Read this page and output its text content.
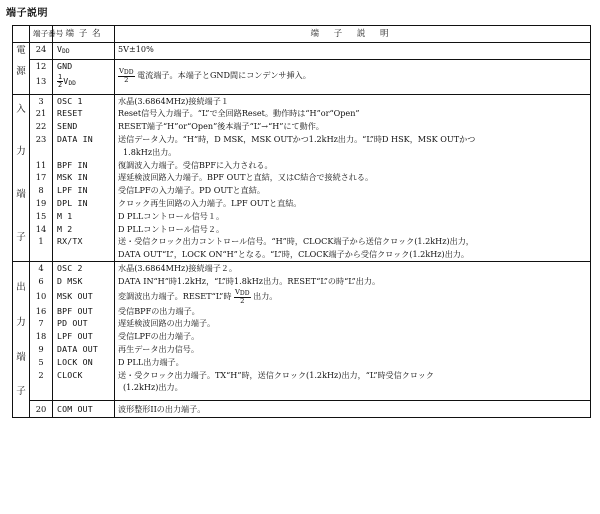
端子説明
	端子番号	端 子 名	端 子 説 明

電
源	24	VDD	5V±10%
	12	GND	$\frac{\text{VDD}}{2}$ 電流端子。本端子とGND間にコンデンサ挿入。
	13	$\frac{1}{2}$ VDD	

入
力
端
子	3	OSC 1	水晶(3.6864MHz)接続端子１
	21	RESET	Reset信号入力端子。“L”で全回路Reset。動作時は“H”or“Open”
	22	SEND	RESET端子“H”or“Open”後本端子“L”→“H”にて動作。
	23	DATA IN	送信データ入力。“H”時，D MSK，MSK OUTかつ1.2kHz出力。“L”時D HSK，MSK OUTかつ
			1.8kHz出力。
	11	BPF IN	復調波入力端子。受信BPFに入力される。
	17	MSK IN	遅延検波回路入力端子。BPF OUTと直結，又はC結合で接続される。
	8	LPF IN	受信LPFの入力端子。PD OUTと直結。
	19	DPL IN	クロック再生回路の入力端子。LPF OUTと直結。
	15	M 1	D PLLコントロール信号１。
	14	M 2	D PLLコントロール信号２。
	1	RX/TX	送・受信クロック出力コントロール信号。“H”時，CLOCK端子から送信クロック(1.2kHz)出力，
			DATA OUT“L”，LOCK ON“H”となる。“L”時，CLOCK端子から受信クロック(1.2kHz)出力。

出
力
端
子	4	OSC 2	水晶(3.6864MHz)接続端子２。
	6	D MSK	DATA IN“H”時1.2kHz，“L”時1.8kHz出力。RESET“L”の時“L”出力。
	10	MSK OUT	変調波出力端子。RESET“L”時 $\frac{\text{VDD}}{2}$ 出力。
	16	BPF OUT	受信BPFの出力端子。
	7	PD OUT	遅延検波回路の出力端子。
	18	LPF OUT	受信LPFの出力端子。
	9	DATA OUT	再生データ出力信号。
	5	LOCK ON	D PLL出力端子。
	2	CLOCK	送・受クロック出力端子。TX“H”時，送信クロック(1.2kHz)出力，“L”時受信クロック
			(1.2kHz)出力。

	20	COM OUT	波形整形IIの出力端子。
